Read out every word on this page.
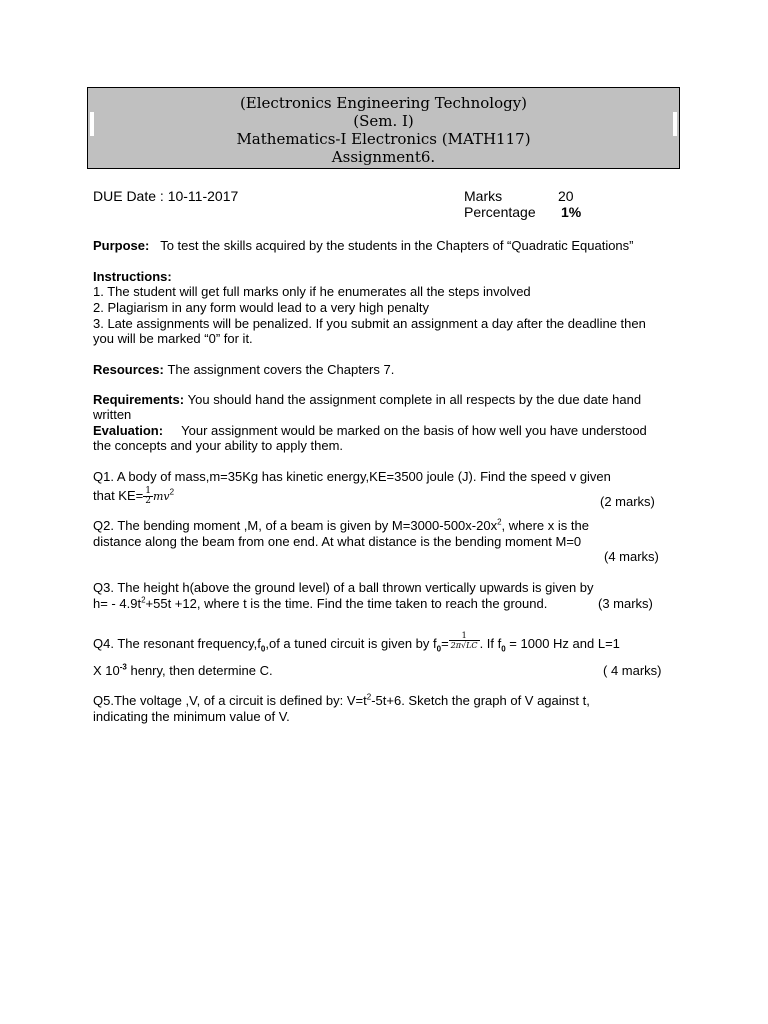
(Electronics Engineering Technology)
(Sem. I)
Mathematics-I Electronics (MATH117)
Assignment6.
DUE Date : 10-11-2017	Marks	20
Percentage 1%
Purpose: To test the skills acquired by the students in the Chapters of “Quadratic Equations”
Instructions:
1. The student will get full marks only if he enumerates all the steps involved
2. Plagiarism in any form would lead to a very high penalty
3. Late assignments will be penalized. If you submit an assignment a day after the deadline then you will be marked “0” for it.
Resources: The assignment covers the Chapters 7.
Requirements: You should hand the assignment complete in all respects by the due date hand written
Evaluation: Your assignment would be marked on the basis of how well you have understood the concepts and your ability to apply them.
Q1. A body of mass,m=35Kg has kinetic energy,KE=3500 joule (J). Find the speed v given
that $KE= \frac{1}{2} mv^2$
(2 marks)
Q2. The bending moment ,M, of a beam is given by $M=3000-500x-20x^2$, where x is the
distance along the beam from one end. At what distance is the bending moment M=0
(4 marks)
Q3. The height h(above the ground level) of a ball thrown vertically upwards is given by
$h= - 4.9t^2+55t +12$, where t is the time. Find the time taken to reach the ground.	(3 marks)
Q4. The resonant $frequency,f_0,of$ a tuned circuit is given by $f_0= \frac{1}{2\pi√LC}$ . If $f_0 = 1000$ Hz and L=1
X $10^{-3}$ henry, then determine C.	( 4 marks)
Q5.The voltage ,V, of a circuit is defined by: $V=t^2-5t+6$. Sketch the graph of V against t,
indicating the minimum value of V.
